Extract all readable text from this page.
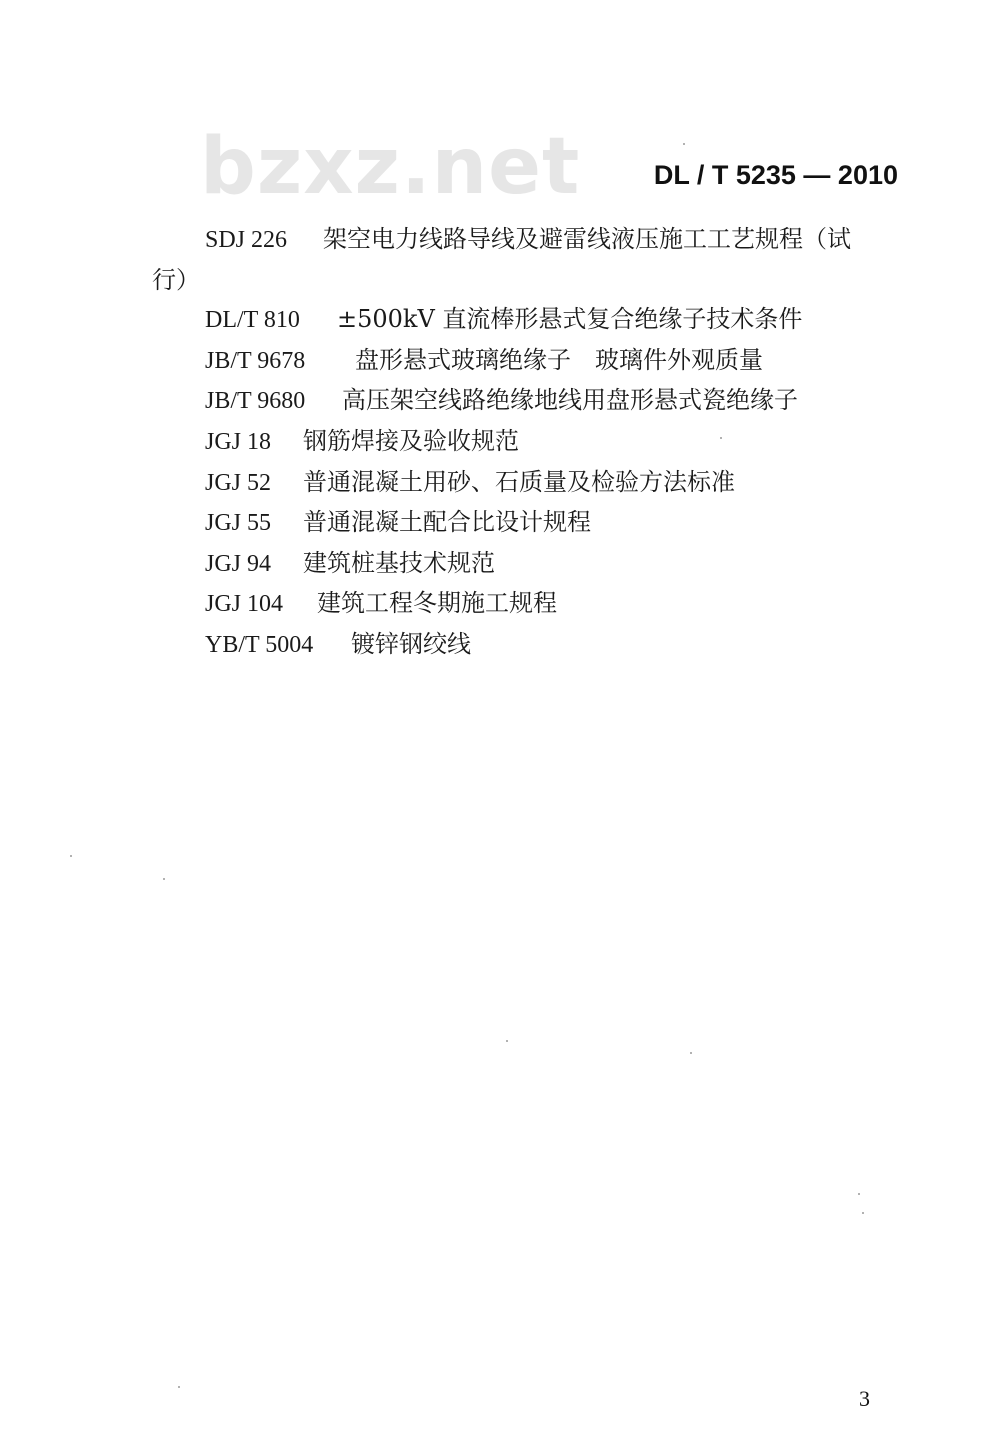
bzxz.net	DL / T 5235 — 2010
SDJ 226 架空电力线路导线及避雷线液压施工工艺规程（试
行）
DL/T 810 ±500kV 直流棒形悬式复合绝缘子技术条件
JB/T 9678 盘形悬式玻璃绝缘子　玻璃件外观质量
JB/T 9680 高压架空线路绝缘地线用盘形悬式瓷绝缘子
JGJ 18 钢筋焊接及验收规范
JGJ 52 普通混凝土用砂、石质量及检验方法标准
JGJ 55 普通混凝土配合比设计规程
JGJ 94 建筑桩基技术规范
JGJ 104 建筑工程冬期施工规程
YB/T 5004 镀锌钢绞线
3
